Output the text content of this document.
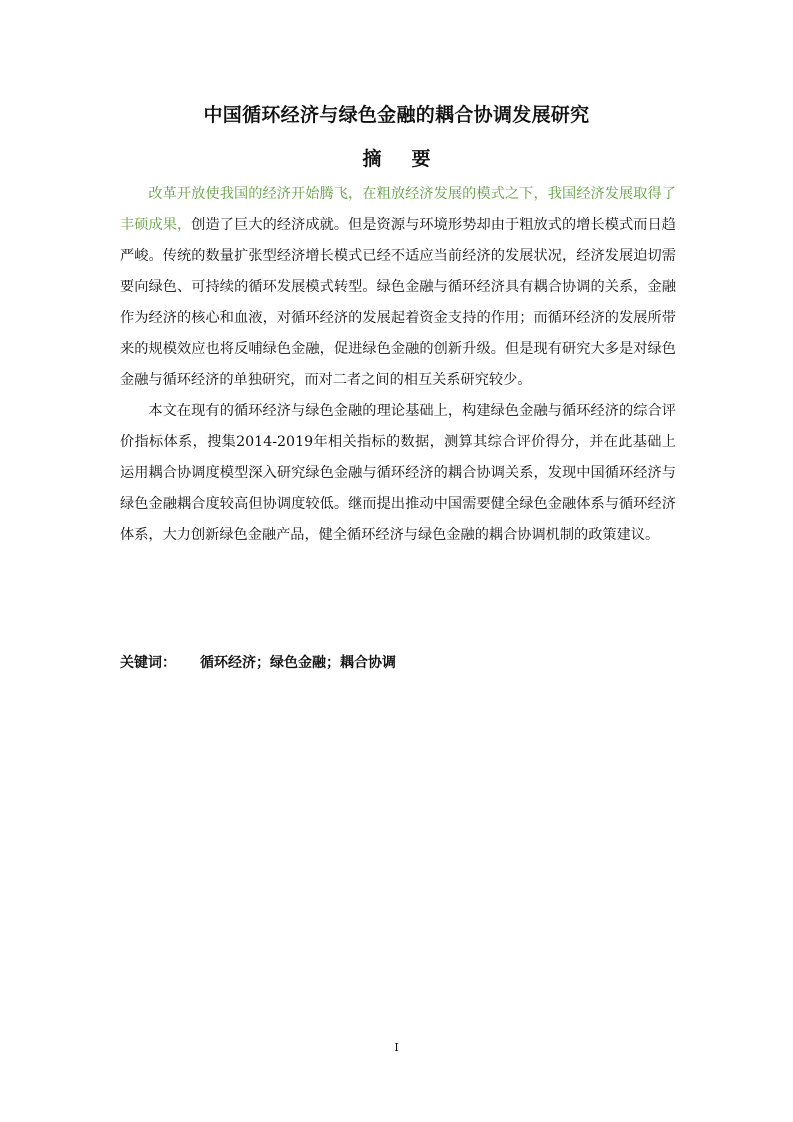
中国循环经济与绿色金融的耦合协调发展研究
摘 要

改革开放使我国的经济开始腾飞，在粗放经济发展的模式之下，我国经济发展取得了丰硕成果，创造了巨大的经济成就。但是资源与环境形势却由于粗放式的增长模式而日趋严峻。传统的数量扩张型经济增长模式已经不适应当前经济的发展状况，经济发展迫切需要向绿色、可持续的循环发展模式转型。绿色金融与循环经济具有耦合协调的关系，金融作为经济的核心和血液，对循环经济的发展起着资金支持的作用；而循环经济的发展所带来的规模效应也将反哺绿色金融，促进绿色金融的创新升级。但是现有研究大多是对绿色金融与循环经济的单独研究，而对二者之间的相互关系研究较少。

本文在现有的循环经济与绿色金融的理论基础上，构建绿色金融与循环经济的综合评价指标体系，搜集2014-2019年相关指标的数据，测算其综合评价得分，并在此基础上运用耦合协调度模型深入研究绿色金融与循环经济的耦合协调关系，发现中国循环经济与绿色金融耦合度较高但协调度较低。继而提出推动中国需要健全绿色金融体系与循环经济体系，大力创新绿色金融产品，健全循环经济与绿色金融的耦合协调机制的政策建议。

关键词： 循环经济；绿色金融；耦合协调
I
